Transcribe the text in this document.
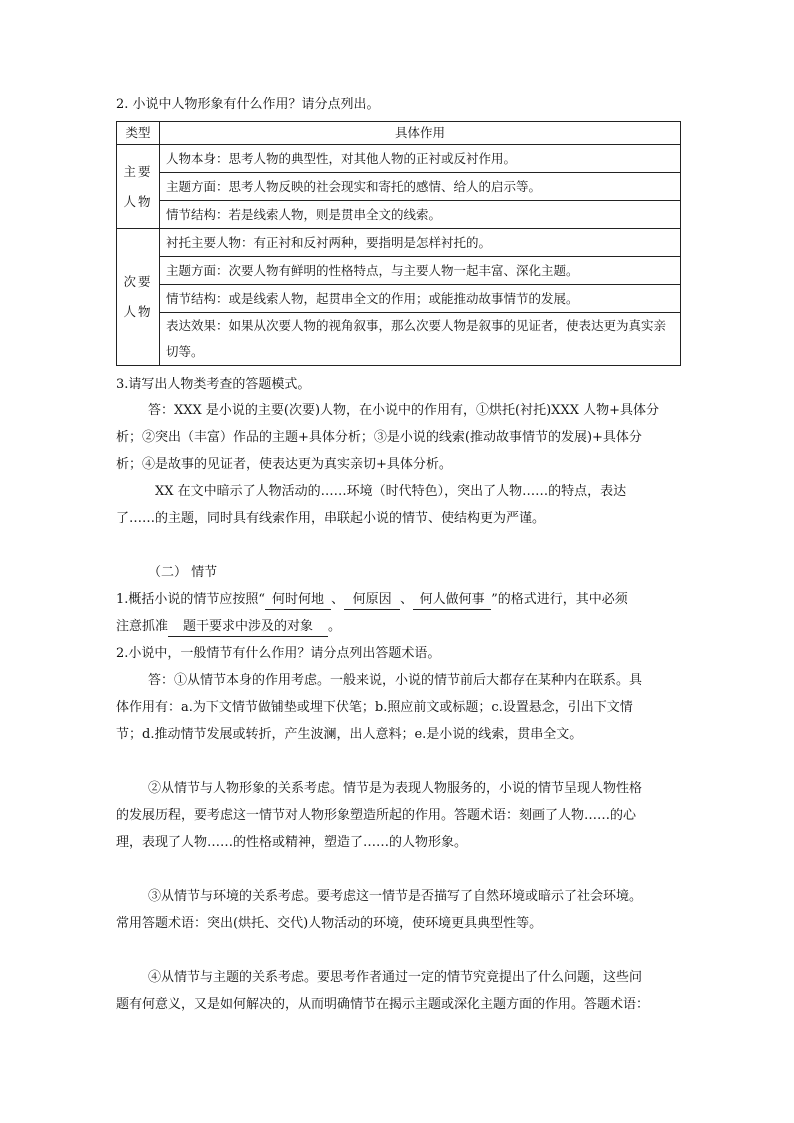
2. 小说中人物形象有什么作用？请分点列出。
类型	具体作用

主要
人物	人物本身：思考人物的典型性，对其他人物的正衬或反衬作用。
	主题方面：思考人物反映的社会现实和寄托的感情、给人的启示等。
	情节结构：若是线索人物，则是贯串全文的线索。

次要
人物	衬托主要人物：有正衬和反衬两种，要指明是怎样衬托的。
	主题方面：次要人物有鲜明的性格特点，与主要人物一起丰富、深化主题。
	情节结构：或是线索人物，起贯串全文的作用；或能推动故事情节的发展。
	表达效果：如果从次要人物的视角叙事，那么次要人物是叙事的见证者，使表达更为真实亲切等。
3.请写出人物类考查的答题模式。
答：XXX 是小说的主要(次要)人物，在小说中的作用有，①烘托(衬托)XXX 人物+具体分
析；②突出（丰富）作品的主题+具体分析；③是小说的线索(推动故事情节的发展)+具体分
析；④是故事的见证者，使表达更为真实亲切+具体分析。
XX 在文中暗示了人物活动的……环境（时代特色），突出了人物……的特点，表达
了……的主题，同时具有线索作用，串联起小说的情节、使结构更为严谨。
（二） 情节
1.概括小说的情节应按照“ 何时何地 、 何原因 、 何人做何事 ”的格式进行，其中必须
注意抓准 题干要求中涉及的对象 。
2.小说中，一般情节有什么作用？请分点列出答题术语。
答：①从情节本身的作用考虑。一般来说，小说的情节前后大都存在某种内在联系。具
体作用有：a.为下文情节做铺垫或埋下伏笔；b.照应前文或标题；c.设置悬念，引出下文情
节；d.推动情节发展或转折，产生波澜，出人意料；e.是小说的线索，贯串全文。
②从情节与人物形象的关系考虑。情节是为表现人物服务的，小说的情节呈现人物性格
的发展历程，要考虑这一情节对人物形象塑造所起的作用。答题术语：刻画了人物……的心
理，表现了人物……的性格或精神，塑造了……的人物形象。
③从情节与环境的关系考虑。要考虑这一情节是否描写了自然环境或暗示了社会环境。
常用答题术语：突出(烘托、交代)人物活动的环境，使环境更具典型性等。
④从情节与主题的关系考虑。要思考作者通过一定的情节究竟提出了什么问题，这些问
题有何意义，又是如何解决的，从而明确情节在揭示主题或深化主题方面的作用。答题术语：
